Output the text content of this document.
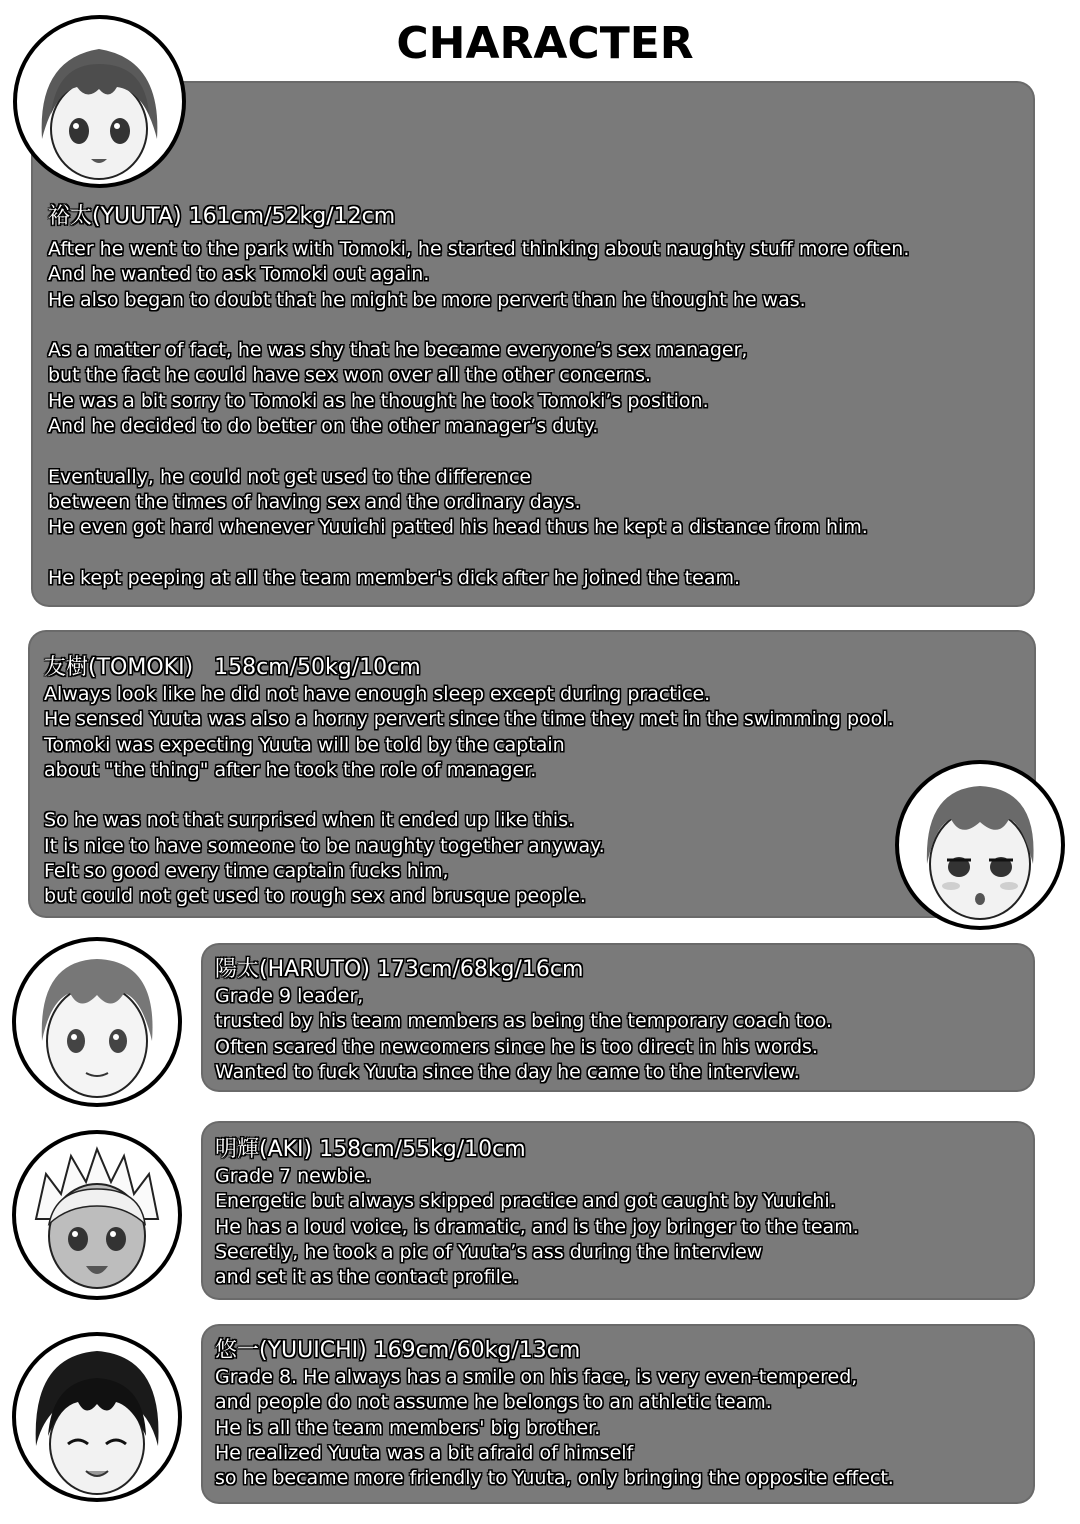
CHARACTER
裕太(YUUTA) 161cm/52kg/12cm
After he went to the park with Tomoki, he started thinking about naughty stuff more often.
And he wanted to ask Tomoki out again.
He also began to doubt that he might be more pervert than he thought he was.
As a matter of fact, he was shy that he became everyone’s sex manager,
but the fact he could have sex won over all the other concerns.
He was a bit sorry to Tomoki as he thought he took Tomoki’s position.
And he decided to do better on the other manager’s duty.
Eventually, he could not get used to the difference
between the times of having sex and the ordinary days.
He even got hard whenever Yuuichi patted his head thus he kept a distance from him.
He kept peeping at all the team member's dick after he joined the team.
友樹(TOMOKI)   158cm/50kg/10cm
Always look like he did not have enough sleep except during practice.
He sensed Yuuta was also a horny pervert since the time they met in the swimming pool.
Tomoki was expecting Yuuta will be told by the captain
about "the thing" after he took the role of manager.
So he was not that surprised when it ended up like this.
It is nice to have someone to be naughty together anyway.
Felt so good every time captain fucks him,
but could not get used to rough sex and brusque people.
陽太(HARUTO) 173cm/68kg/16cm
Grade 9 leader,
trusted by his team members as being the temporary coach too.
Often scared the newcomers since he is too direct in his words.
Wanted to fuck Yuuta since the day he came to the interview.
明輝(AKI) 158cm/55kg/10cm
Grade 7 newbie.
Energetic but always skipped practice and got caught by Yuuichi.
He has a loud voice, is dramatic, and is the joy bringer to the team.
Secretly, he took a pic of Yuuta’s ass during the interview
and set it as the contact profile.
悠一(YUUICHI) 169cm/60kg/13cm
Grade 8. He always has a smile on his face, is very even-tempered,
and people do not assume he belongs to an athletic team.
He is all the team members' big brother.
He realized Yuuta was a bit afraid of himself
so he became more friendly to Yuuta, only bringing the opposite effect.
